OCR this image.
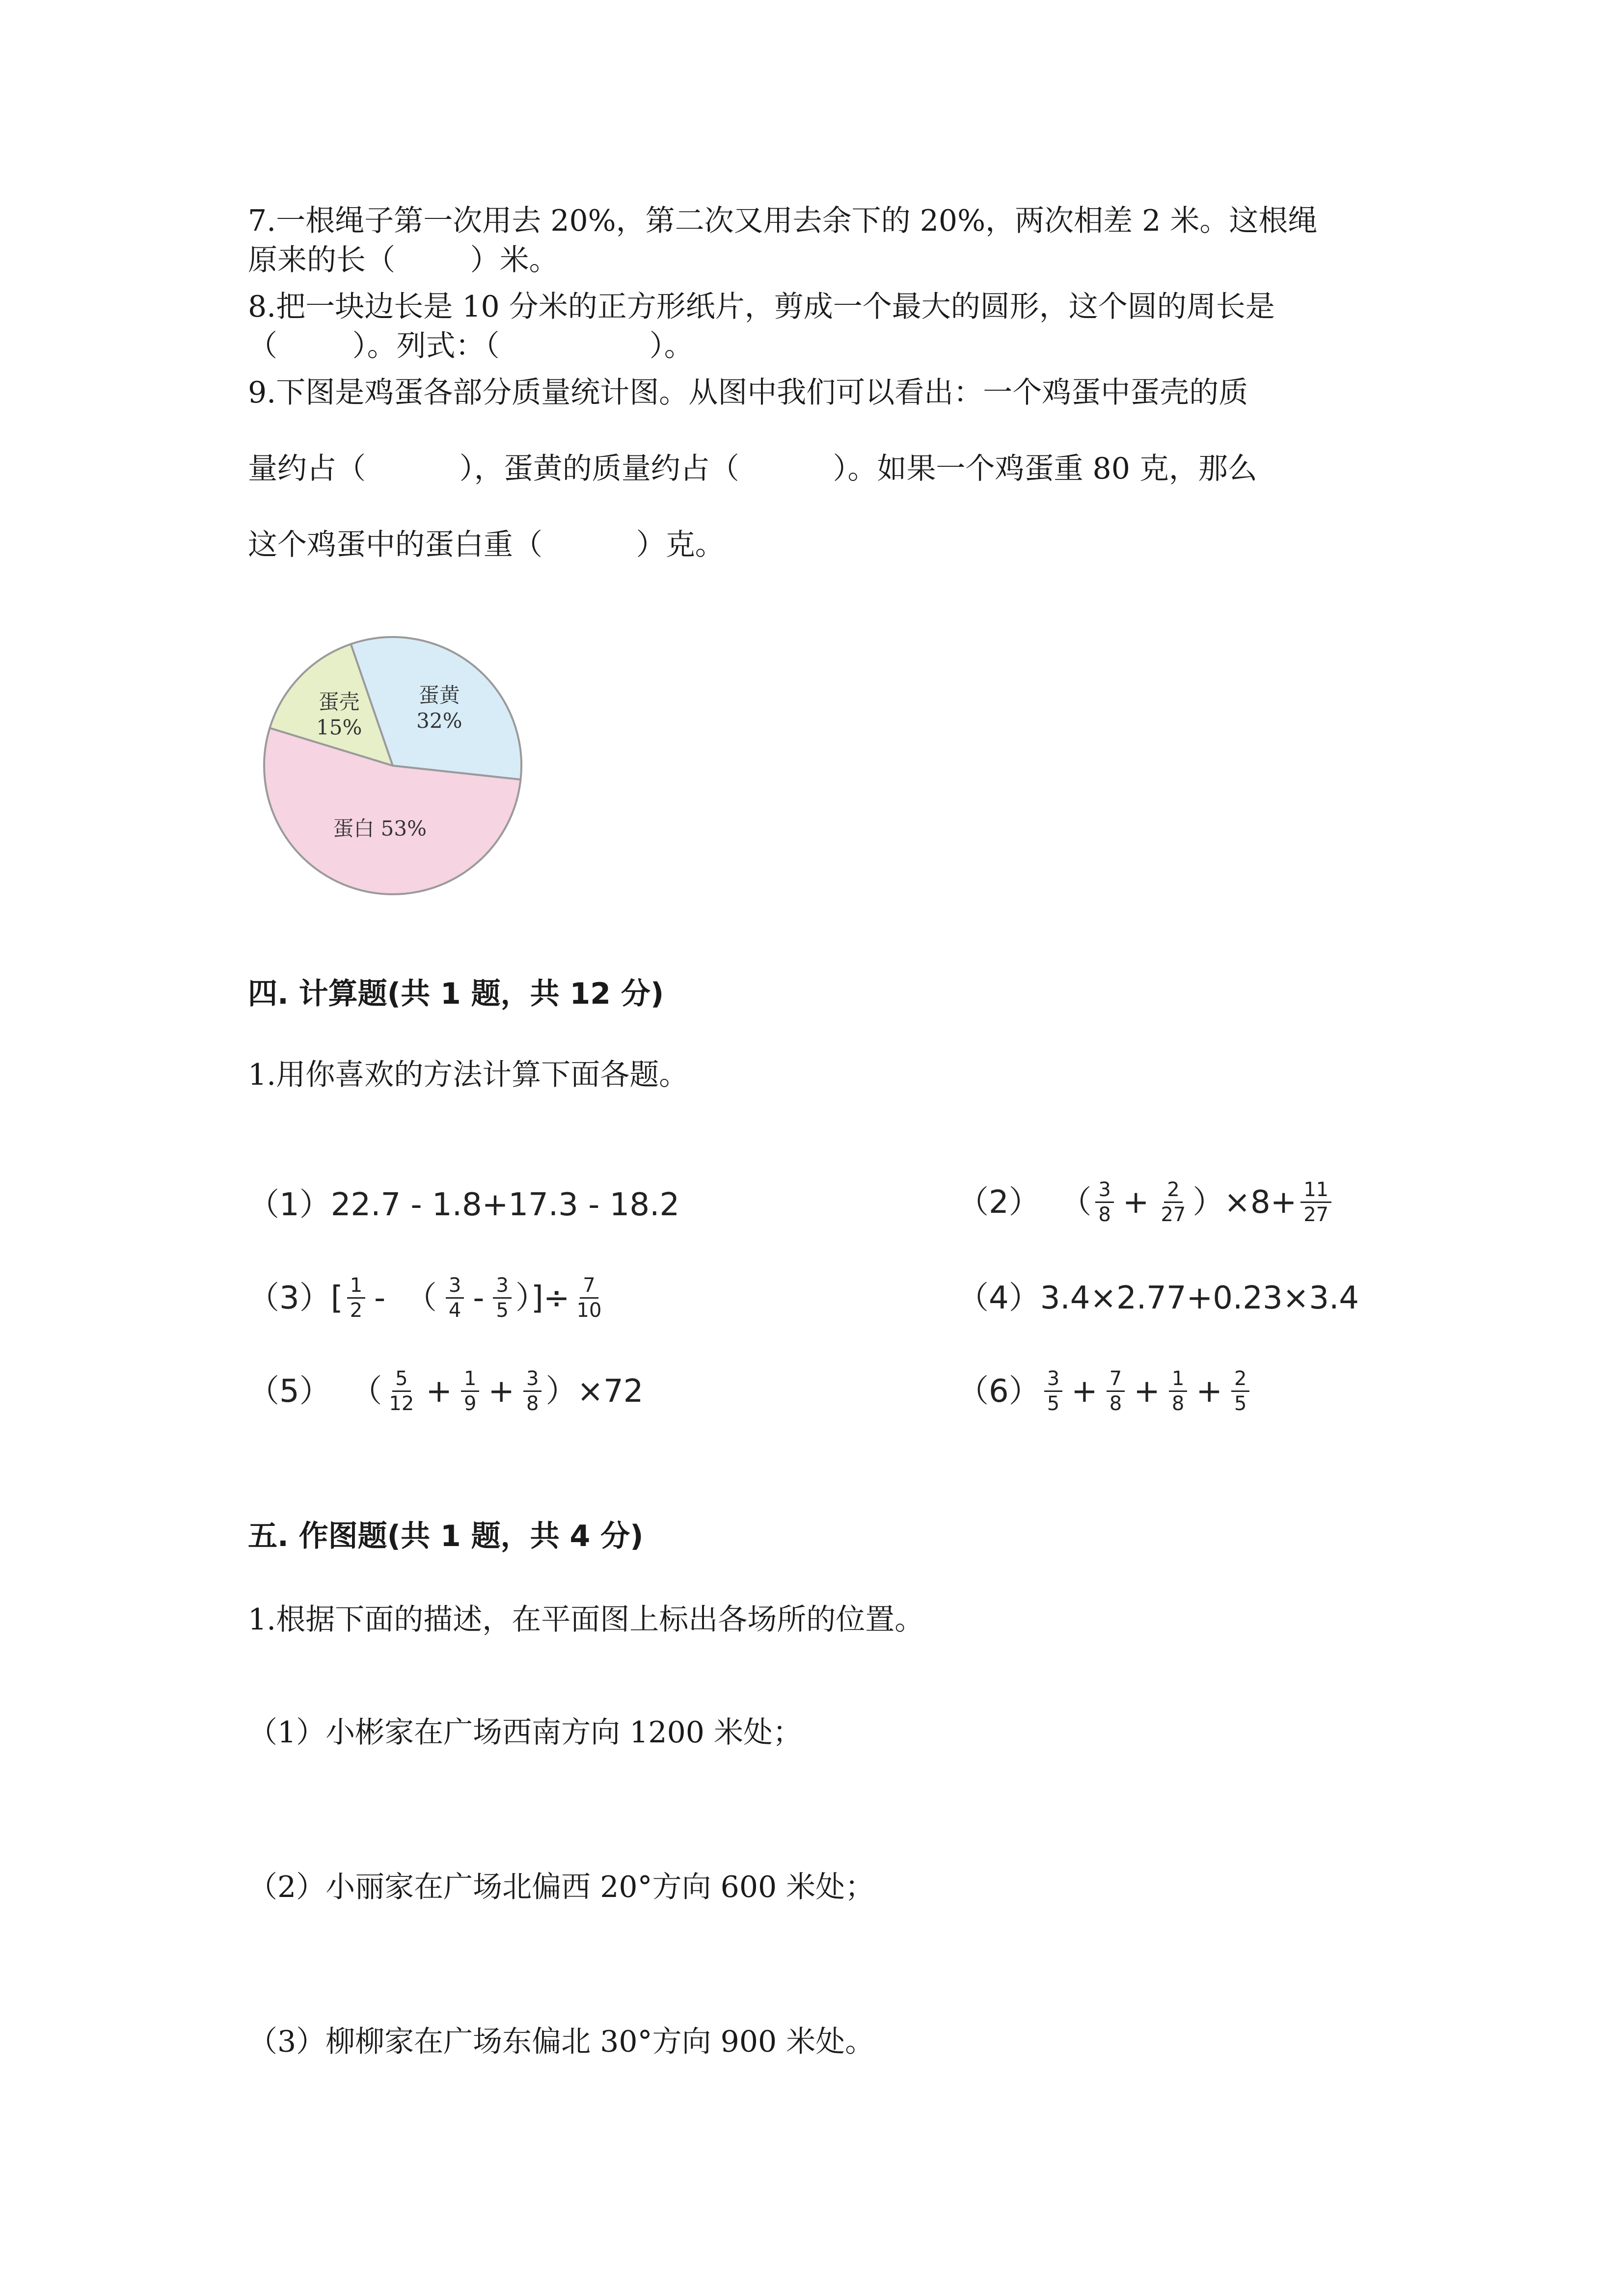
7.一根绳子第一次用去 20%，第二次又用去余下的 20%，两次相差 2 米。这根绳
原来的长（        ）米。
8.把一块边长是 10 分米的正方形纸片，剪成一个最大的圆形，这个圆的周长是
（        ）。列式：（                ）。
9.下图是鸡蛋各部分质量统计图。从图中我们可以看出：一个鸡蛋中蛋壳的质
量约占（          ），蛋黄的质量约占（          ）。如果一个鸡蛋重 80 克，那么
这个鸡蛋中的蛋白重（          ）克。
蛋壳
15%
蛋黄
32%
蛋白 53%
四. 计算题(共 1 题，共 12 分)
1.用你喜欢的方法计算下面各题。
（1）22.7 - 1.8+17.3 - 18.2	（2）  （ $\frac{3}{8} + \frac{2}{27} )\times 8+ \frac{11}{27}$
$(3)[ \frac{1}{2}$ -  （ $\frac{3}{4} - \frac{3}{5}$ ）]÷ $\frac{7}{10}$	（4）3.4×2.77+0.23×3.4
（5）  （ $\frac{5}{12} + \frac{1}{9} + \frac{3}{8} )\times 72$	$(6) \frac{3}{5} + \frac{7}{8} + \frac{1}{8} + \frac{2}{5}$
五. 作图题(共 1 题，共 4 分)
1.根据下面的描述，在平面图上标出各场所的位置。
（1）小彬家在广场西南方向 1200 米处；
（2）小丽家在广场北偏西 20°方向 600 米处；
（3）柳柳家在广场东偏北 30°方向 900 米处。
